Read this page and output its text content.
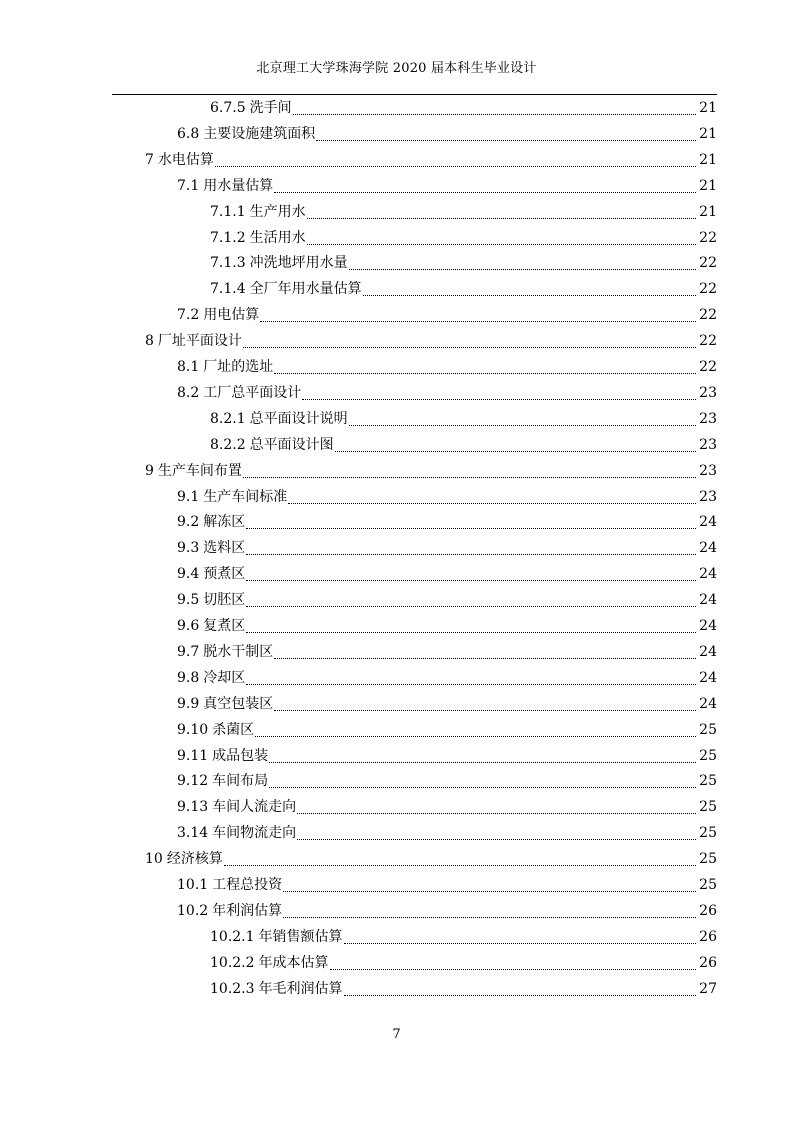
北京理工大学珠海学院 2020 届本科生毕业设计
6.7.5 洗手间	21
6.8 主要设施建筑面积	21
7 水电估算	21
7.1 用水量估算	21
7.1.1 生产用水	21
7.1.2 生活用水	22
7.1.3 冲洗地坪用水量	22
7.1.4 全厂年用水量估算	22
7.2 用电估算	22
8 厂址平面设计	22
8.1 厂址的选址	22
8.2 工厂总平面设计	23
8.2.1 总平面设计说明	23
8.2.2 总平面设计图	23
9 生产车间布置	23
9.1 生产车间标准	23
9.2 解冻区	24
9.3 选料区	24
9.4 预煮区	24
9.5 切胚区	24
9.6 复煮区	24
9.7 脱水干制区	24
9.8 冷却区	24
9.9 真空包装区	24
9.10 杀菌区	25
9.11 成品包装	25
9.12 车间布局	25
9.13 车间人流走向	25
3.14 车间物流走向	25
10 经济核算	25
10.1 工程总投资	25
10.2 年利润估算	26
10.2.1 年销售额估算	26
10.2.2 年成本估算	26
10.2.3 年毛利润估算	27
7
